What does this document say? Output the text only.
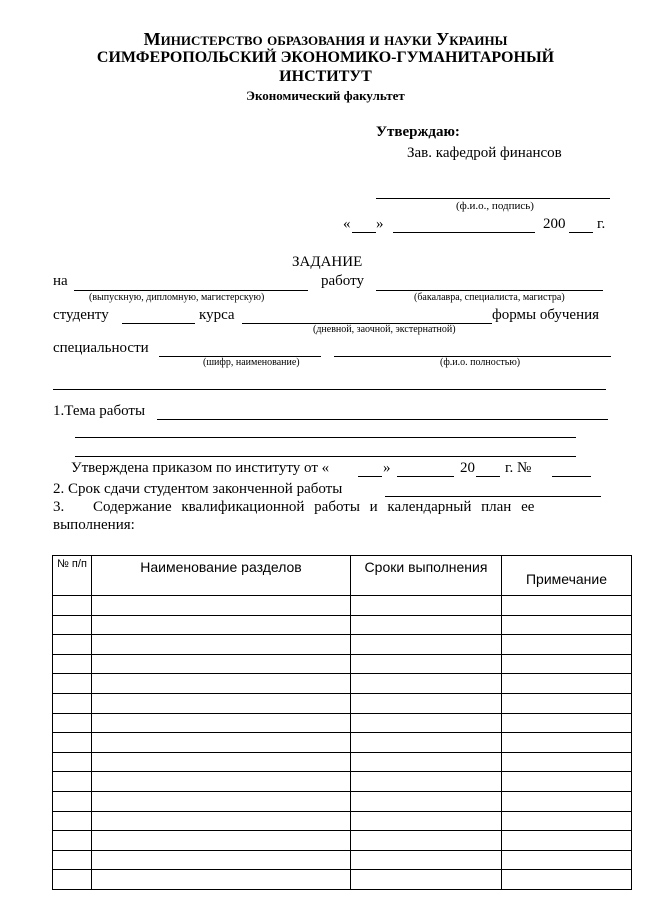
Министерство образования и науки Украины
СИМФЕРОПОЛЬСКИЙ ЭКОНОМИКО-ГУМАНИТАРОНЫЙ
ИНСТИТУТ
Экономический факультет
Утверждаю:
Зав. кафедрой финансов
(ф.и.о., подпись)
« »	200 г.
ЗАДАНИЕ
на	работу
(выпускную, дипломную, магистерскую)	(бакалавра, специалиста, магистра)
студенту	курса	формы обучения
(дневной, заочной, экстернатной)
специальности
(шифр, наименование)	(ф.и.о. полностью)
1.Тема работы
Утверждена приказом по институту от «	»	20 г. №
2. Срок сдачи студентом законченной работы
3. Содержание квалификационной работы и календарный план ее
выполнения:
№ п/п	Наименование разделов	Сроки выполнения	Примечание
